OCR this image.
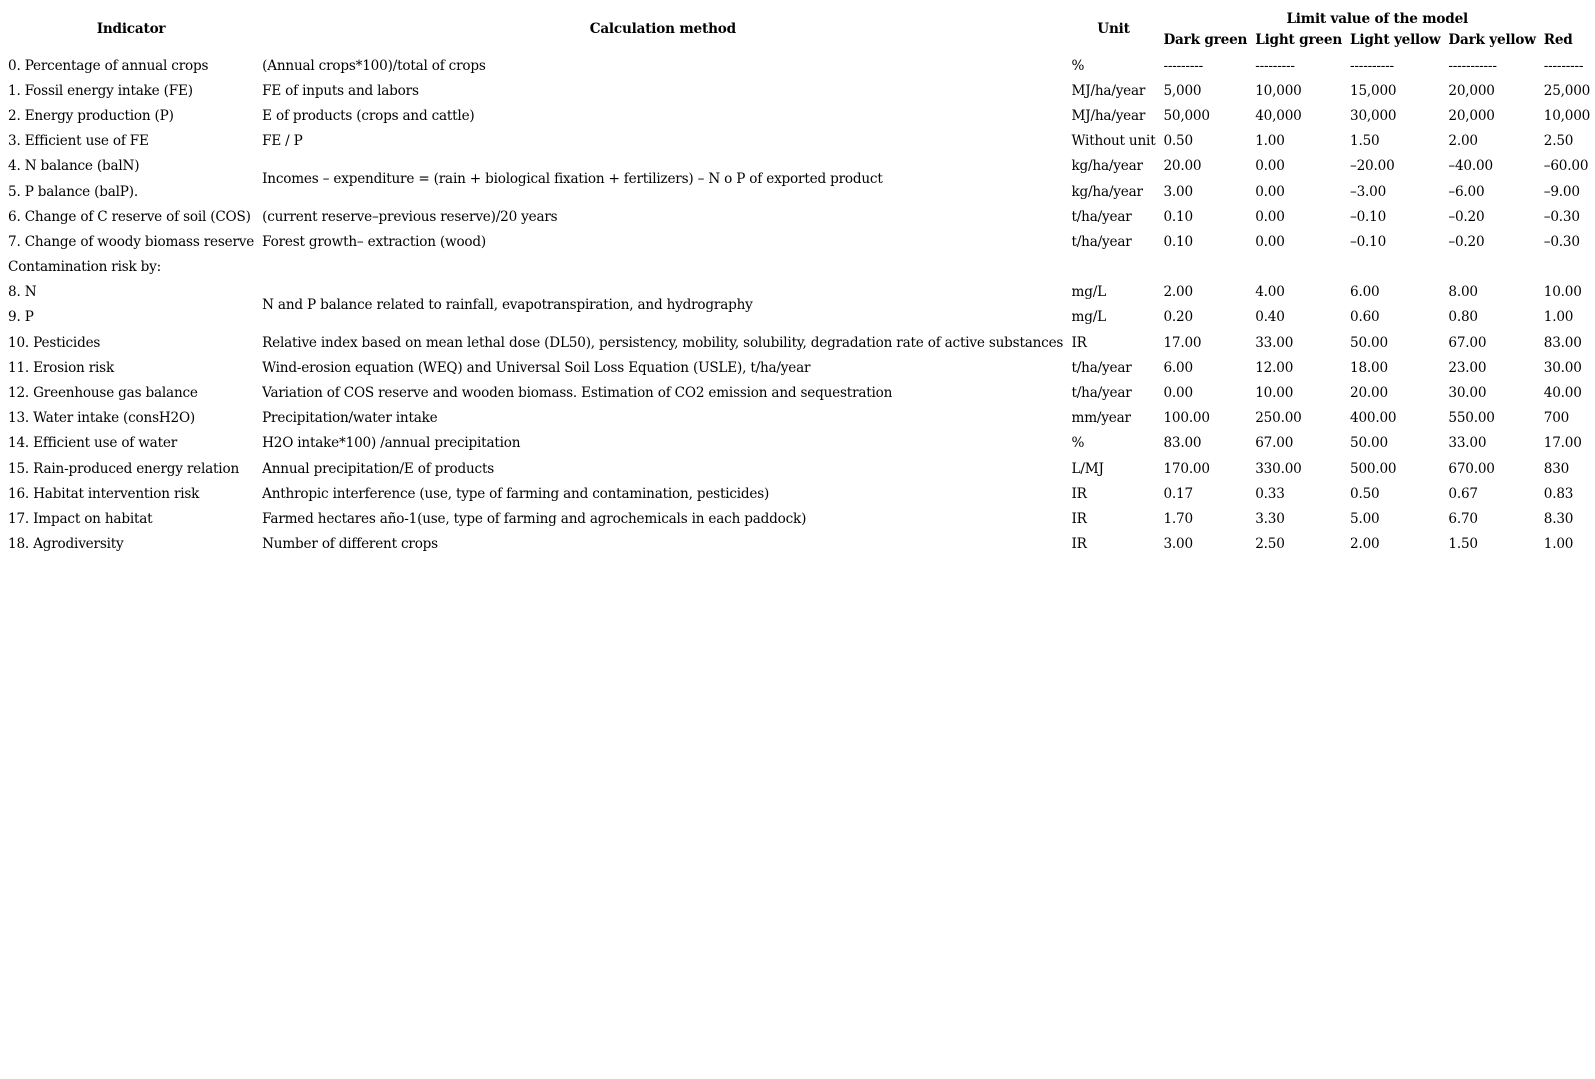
Indicator	Calculation method	Unit	Limit value of the model				
			Dark green	Light green	Light yellow	Dark yellow	Red
0. Percentage of annual crops	(Annual crops*100)/total of crops	%	---------	---------	----------	-----------	---------
1. Fossil energy intake (FE)	FE of inputs and labors	MJ/ha/year	5,000	10,000	15,000	20,000	25,000
2. Energy production (P)	E of products (crops and cattle)	MJ/ha/year	50,000	40,000	30,000	20,000	10,000
3. Efficient use of FE	FE / P	Without unit	0.50	1.00	1.50	2.00	2.50
4. N balance (balN)	Incomes – expenditure = (rain + biological fixation + fertilizers) – N o P of exported product	kg/ha/year	20.00	0.00	–20.00	–40.00	–60.00
5. P balance (balP).		kg/ha/year	3.00	0.00	–3.00	–6.00	–9.00
6. Change of C reserve of soil (COS)	(current reserve–previous reserve)/20 years	t/ha/year	0.10	0.00	–0.10	–0.20	–0.30
7. Change of woody biomass reserve	Forest growth– extraction (wood)	t/ha/year	0.10	0.00	–0.10	–0.20	–0.30
Contamination risk by:							
8. N	N and P balance related to rainfall, evapotranspiration, and hydrography	mg/L	2.00	4.00	6.00	8.00	10.00
9. P		mg/L	0.20	0.40	0.60	0.80	1.00
10. Pesticides	Relative index based on mean lethal dose (DL50), persistency, mobility, solubility, degradation rate of active substances	IR	17.00	33.00	50.00	67.00	83.00
11. Erosion risk	Wind-erosion equation (WEQ) and Universal Soil Loss Equation (USLE), t/ha/year	t/ha/year	6.00	12.00	18.00	23.00	30.00
12. Greenhouse gas balance	Variation of COS reserve and wooden biomass. Estimation of CO2 emission and sequestration	t/ha/year	0.00	10.00	20.00	30.00	40.00
13. Water intake (consH2O)	Precipitation/water intake	mm/year	100.00	250.00	400.00	550.00	700
14. Efficient use of water	H2O intake*100) /annual precipitation	%	83.00	67.00	50.00	33.00	17.00
15. Rain-produced energy relation	Annual precipitation/E of products	L/MJ	170.00	330.00	500.00	670.00	830
16. Habitat intervention risk	Anthropic interference (use, type of farming and contamination, pesticides)	IR	0.17	0.33	0.50	0.67	0.83
17. Impact on habitat	Farmed hectares año-1(use, type of farming and agrochemicals in each paddock)	IR	1.70	3.30	5.00	6.70	8.30
18. Agrodiversity	Number of different crops	IR	3.00	2.50	2.00	1.50	1.00
